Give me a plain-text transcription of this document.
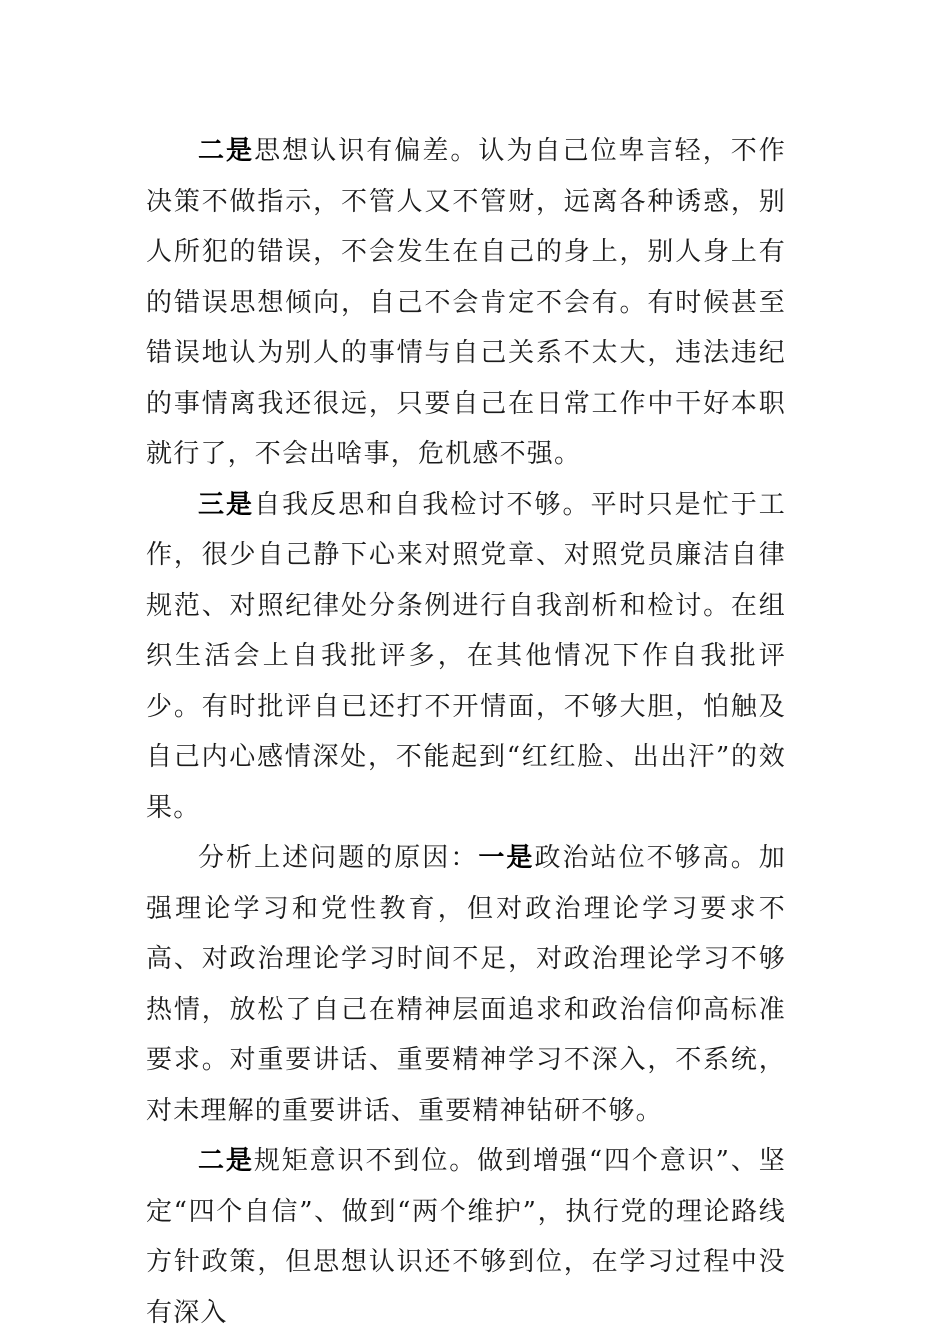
二是思想认识有偏差。认为自己位卑言轻，不作决策不做指示，不管人又不管财，远离各种诱惑，别人所犯的错误，不会发生在自己的身上，别人身上有的错误思想倾向，自己不会肯定不会有。有时候甚至错误地认为别人的事情与自己关系不太大，违法违纪的事情离我还很远，只要自己在日常工作中干好本职就行了，不会出啥事，危机感不强。

三是自我反思和自我检讨不够。平时只是忙于工作，很少自己静下心来对照党章、对照党员廉洁自律规范、对照纪律处分条例进行自我剖析和检讨。在组织生活会上自我批评多，在其他情况下作自我批评少。有时批评自已还打不开情面，不够大胆，怕触及自己内心感情深处，不能起到“红红脸、出出汗”的效果。

分析上述问题的原因：一是政治站位不够高。加强理论学习和党性教育，但对政治理论学习要求不高、对政治理论学习时间不足，对政治理论学习不够热情，放松了自己在精神层面追求和政治信仰高标准要求。对重要讲话、重要精神学习不深入，不系统，对未理解的重要讲话、重要精神钻研不够。

二是规矩意识不到位。做到增强“四个意识”、坚定“四个自信”、做到“两个维护”，执行党的理论路线方针政策，但思想认识还不够到位，在学习过程中没有深入
